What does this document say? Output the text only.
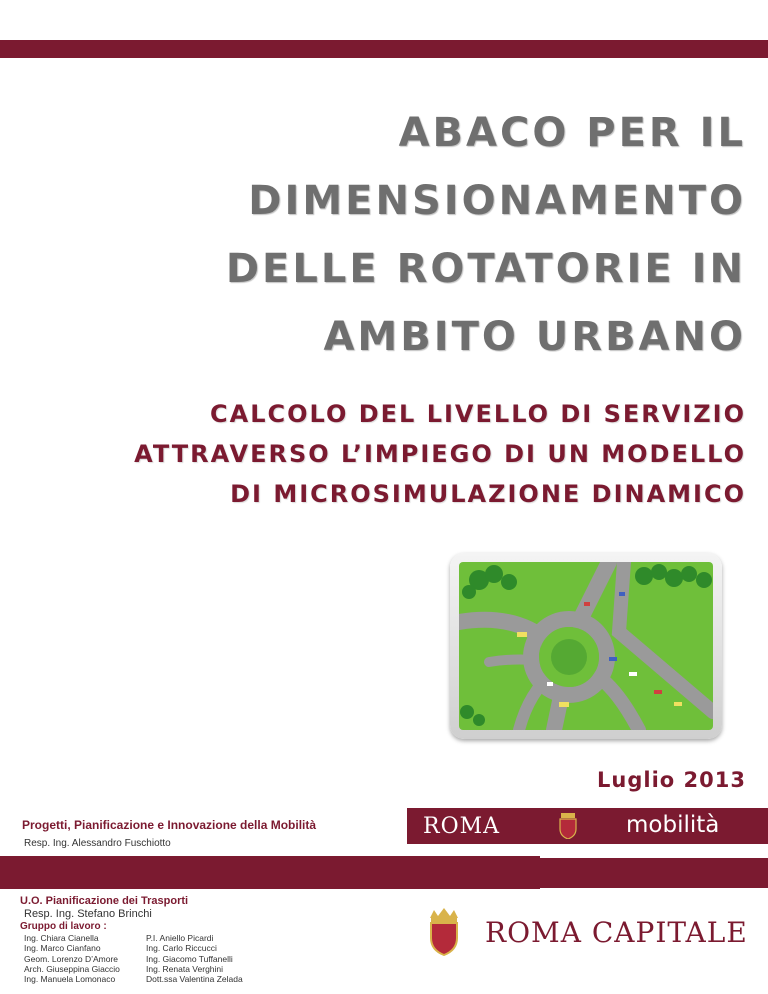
ABACO PER IL
DIMENSIONAMENTO
DELLE ROTATORIE IN
AMBITO URBANO
CALCOLO DEL LIVELLO DI SERVIZIO
ATTRAVERSO L’IMPIEGO DI UN MODELLO
DI MICROSIMULAZIONE DINAMICO
Luglio 2013
ROMA	mobilità
Progetti, Pianificazione e Innovazione della Mobilità
Resp. Ing. Alessandro Fuschiotto
U.O. Pianificazione dei Trasporti
Resp. Ing. Stefano Brinchi
Gruppo di lavoro :
Ing. Chiara Cianella
Ing. Marco Cianfano
Geom. Lorenzo D’Amore
Arch. Giuseppina Giaccio
Ing. Manuela Lomonaco
P.I. Aniello Picardi
Ing. Carlo Riccucci
Ing. Giacomo Tuffanelli
Ing. Renata Verghini
Dott.ssa Valentina Zelada
ROMA CAPITALE
